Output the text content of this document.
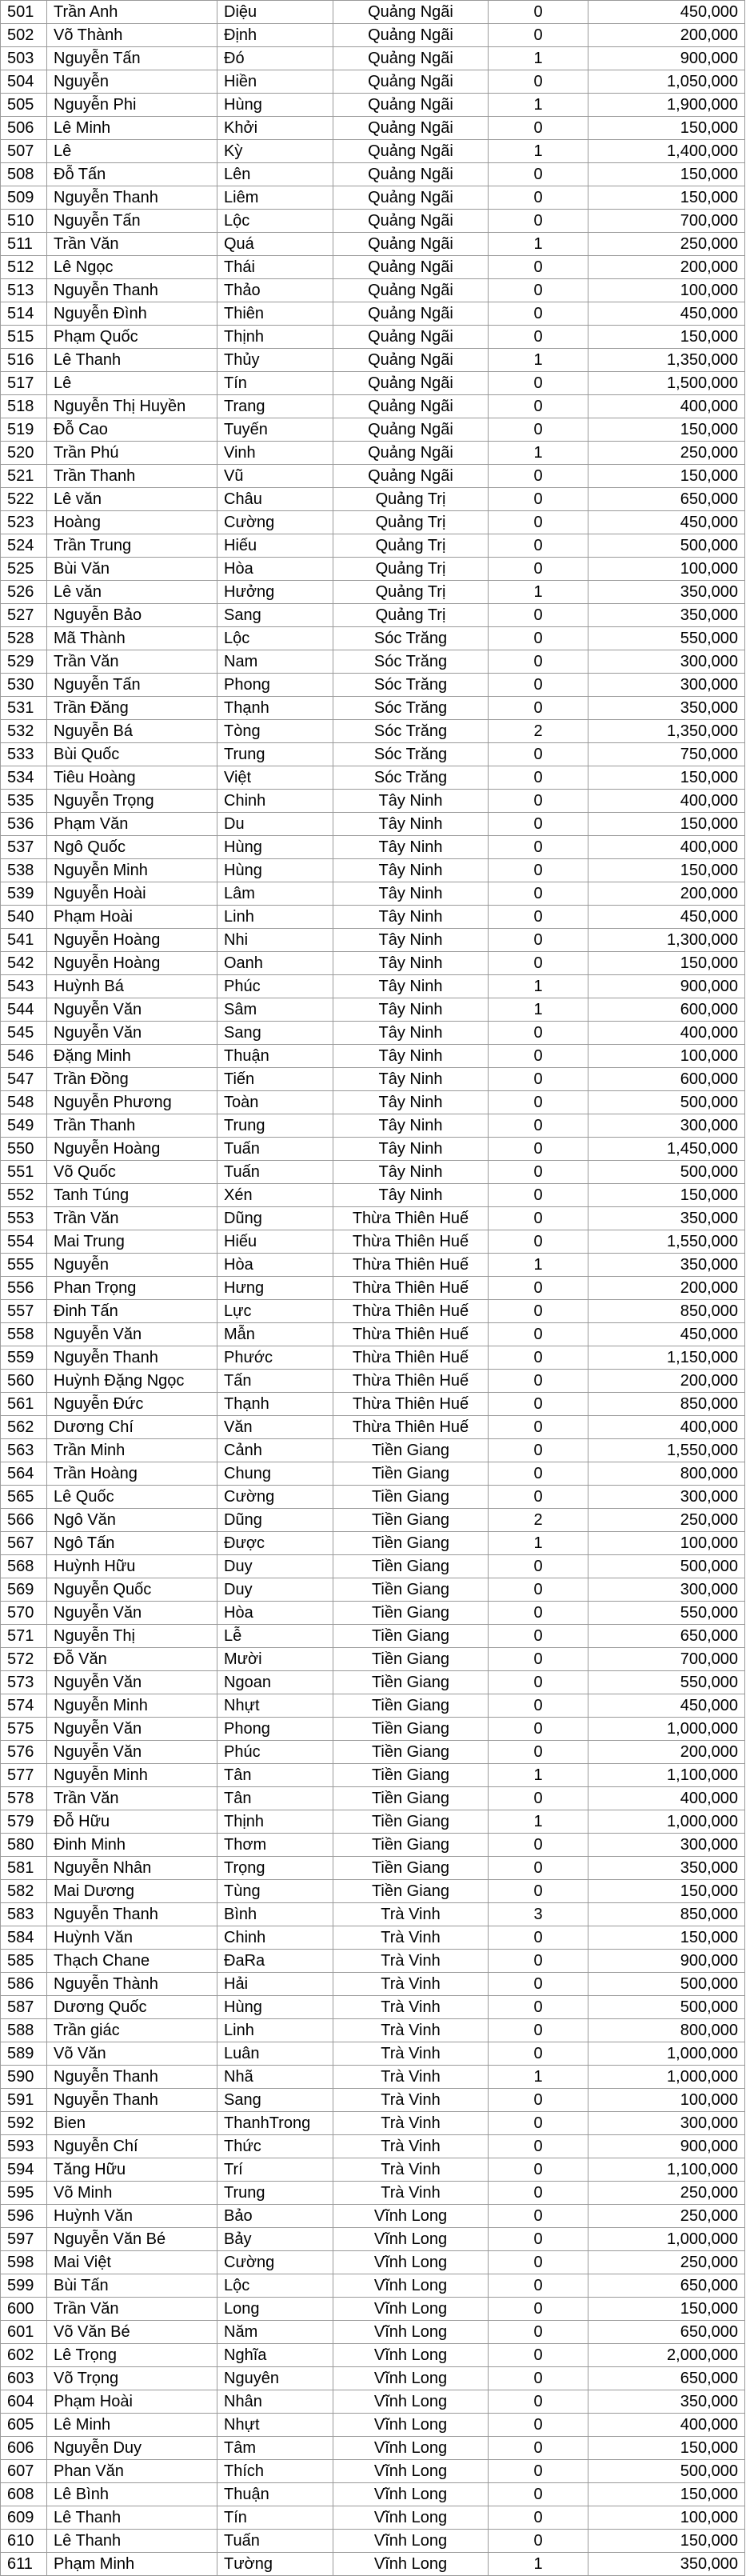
501	Trần Anh	Diệu	Quảng Ngãi	0	450,000
502	Võ Thành	Định	Quảng Ngãi	0	200,000
503	Nguyễn Tấn	Đó	Quảng Ngãi	1	900,000
504	Nguyễn	Hiền	Quảng Ngãi	0	1,050,000
505	Nguyễn Phi	Hùng	Quảng Ngãi	1	1,900,000
506	Lê Minh	Khởi	Quảng Ngãi	0	150,000
507	Lê	Kỳ	Quảng Ngãi	1	1,400,000
508	Đỗ Tấn	Lên	Quảng Ngãi	0	150,000
509	Nguyễn Thanh	Liêm	Quảng Ngãi	0	150,000
510	Nguyễn Tấn	Lộc	Quảng Ngãi	0	700,000
511	Trần Văn	Quá	Quảng Ngãi	1	250,000
512	Lê Ngọc	Thái	Quảng Ngãi	0	200,000
513	Nguyễn Thanh	Thảo	Quảng Ngãi	0	100,000
514	Nguyễn Đình	Thiên	Quảng Ngãi	0	450,000
515	Phạm Quốc	Thịnh	Quảng Ngãi	0	150,000
516	Lê Thanh	Thủy	Quảng Ngãi	1	1,350,000
517	Lê	Tín	Quảng Ngãi	0	1,500,000
518	Nguyễn Thị Huyền	Trang	Quảng Ngãi	0	400,000
519	Đỗ Cao	Tuyến	Quảng Ngãi	0	150,000
520	Trần Phú	Vinh	Quảng Ngãi	1	250,000
521	Trần Thanh	Vũ	Quảng Ngãi	0	150,000
522	Lê văn	Châu	Quảng Trị	0	650,000
523	Hoàng	Cường	Quảng Trị	0	450,000
524	Trần Trung	Hiếu	Quảng Trị	0	500,000
525	Bùi Văn	Hòa	Quảng Trị	0	100,000
526	Lê văn	Hưởng	Quảng Trị	1	350,000
527	Nguyễn Bảo	Sang	Quảng Trị	0	350,000
528	Mã Thành	Lộc	Sóc Trăng	0	550,000
529	Trần Văn	Nam	Sóc Trăng	0	300,000
530	Nguyễn Tấn	Phong	Sóc Trăng	0	300,000
531	Trần Đăng	Thạnh	Sóc Trăng	0	350,000
532	Nguyễn Bá	Tòng	Sóc Trăng	2	1,350,000
533	Bùi Quốc	Trung	Sóc Trăng	0	750,000
534	Tiêu Hoàng	Việt	Sóc Trăng	0	150,000
535	Nguyễn Trọng	Chinh	Tây Ninh	0	400,000
536	Phạm Văn	Du	Tây Ninh	0	150,000
537	Ngô Quốc	Hùng	Tây Ninh	0	400,000
538	Nguyễn Minh	Hùng	Tây Ninh	0	150,000
539	Nguyễn Hoài	Lâm	Tây Ninh	0	200,000
540	Phạm Hoài	Linh	Tây Ninh	0	450,000
541	Nguyễn Hoàng	Nhi	Tây Ninh	0	1,300,000
542	Nguyễn Hoàng	Oanh	Tây Ninh	0	150,000
543	Huỳnh Bá	Phúc	Tây Ninh	1	900,000
544	Nguyễn Văn	Sâm	Tây Ninh	1	600,000
545	Nguyễn Văn	Sang	Tây Ninh	0	400,000
546	Đặng Minh	Thuận	Tây Ninh	0	100,000
547	Trần Đồng	Tiến	Tây Ninh	0	600,000
548	Nguyễn Phương	Toàn	Tây Ninh	0	500,000
549	Trần Thanh	Trung	Tây Ninh	0	300,000
550	Nguyễn Hoàng	Tuấn	Tây Ninh	0	1,450,000
551	Võ Quốc	Tuấn	Tây Ninh	0	500,000
552	Tanh Túng	Xén	Tây Ninh	0	150,000
553	Trần Văn	Dũng	Thừa Thiên Huế	0	350,000
554	Mai Trung	Hiếu	Thừa Thiên Huế	0	1,550,000
555	Nguyễn	Hòa	Thừa Thiên Huế	1	350,000
556	Phan Trọng	Hưng	Thừa Thiên Huế	0	200,000
557	Đinh Tấn	Lực	Thừa Thiên Huế	0	850,000
558	Nguyễn Văn	Mẫn	Thừa Thiên Huế	0	450,000
559	Nguyễn Thanh	Phước	Thừa Thiên Huế	0	1,150,000
560	Huỳnh Đặng Ngọc	Tấn	Thừa Thiên Huế	0	200,000
561	Nguyễn Đức	Thạnh	Thừa Thiên Huế	0	850,000
562	Dương Chí	Văn	Thừa Thiên Huế	0	400,000
563	Trần Minh	Cảnh	Tiền Giang	0	1,550,000
564	Trần Hoàng	Chung	Tiền Giang	0	800,000
565	Lê Quốc	Cường	Tiền Giang	0	300,000
566	Ngô Văn	Dũng	Tiền Giang	2	250,000
567	Ngô Tấn	Được	Tiền Giang	1	100,000
568	Huỳnh Hữu	Duy	Tiền Giang	0	500,000
569	Nguyễn Quốc	Duy	Tiền Giang	0	300,000
570	Nguyễn Văn	Hòa	Tiền Giang	0	550,000
571	Nguyễn Thị	Lễ	Tiền Giang	0	650,000
572	Đỗ Văn	Mười	Tiền Giang	0	700,000
573	Nguyễn Văn	Ngoan	Tiền Giang	0	550,000
574	Nguyễn Minh	Nhựt	Tiền Giang	0	450,000
575	Nguyễn Văn	Phong	Tiền Giang	0	1,000,000
576	Nguyễn Văn	Phúc	Tiền Giang	0	200,000
577	Nguyễn Minh	Tân	Tiền Giang	1	1,100,000
578	Trần Văn	Tân	Tiền Giang	0	400,000
579	Đỗ Hữu	Thịnh	Tiền Giang	1	1,000,000
580	Đinh Minh	Thơm	Tiền Giang	0	300,000
581	Nguyễn Nhân	Trọng	Tiền Giang	0	350,000
582	Mai Dương	Tùng	Tiền Giang	0	150,000
583	Nguyễn Thanh	Bình	Trà Vinh	3	850,000
584	Huỳnh Văn	Chinh	Trà Vinh	0	150,000
585	Thạch Chane	ĐaRa	Trà Vinh	0	900,000
586	Nguyễn Thành	Hải	Trà Vinh	0	500,000
587	Dương Quốc	Hùng	Trà Vinh	0	500,000
588	Trần giác	Linh	Trà Vinh	0	800,000
589	Võ Văn	Luân	Trà Vinh	0	1,000,000
590	Nguyễn Thanh	Nhã	Trà Vinh	1	1,000,000
591	Nguyễn Thanh	Sang	Trà Vinh	0	100,000
592	Bien	ThanhTrong	Trà Vinh	0	300,000
593	Nguyễn Chí	Thức	Trà Vinh	0	900,000
594	Tăng Hữu	Trí	Trà Vinh	0	1,100,000
595	Võ Minh	Trung	Trà Vinh	0	250,000
596	Huỳnh Văn	Bảo	Vĩnh Long	0	250,000
597	Nguyễn Văn Bé	Bảy	Vĩnh Long	0	1,000,000
598	Mai Việt	Cường	Vĩnh Long	0	250,000
599	Bùi Tấn	Lộc	Vĩnh Long	0	650,000
600	Trần Văn	Long	Vĩnh Long	0	150,000
601	Võ Văn Bé	Năm	Vĩnh Long	0	650,000
602	Lê Trọng	Nghĩa	Vĩnh Long	0	2,000,000
603	Võ Trọng	Nguyên	Vĩnh Long	0	650,000
604	Phạm Hoài	Nhân	Vĩnh Long	0	350,000
605	Lê Minh	Nhựt	Vĩnh Long	0	400,000
606	Nguyễn Duy	Tâm	Vĩnh Long	0	150,000
607	Phan Văn	Thích	Vĩnh Long	0	500,000
608	Lê Bình	Thuận	Vĩnh Long	0	150,000
609	Lê Thanh	Tín	Vĩnh Long	0	100,000
610	Lê Thanh	Tuấn	Vĩnh Long	0	150,000
611	Phạm Minh	Tường	Vĩnh Long	1	350,000
